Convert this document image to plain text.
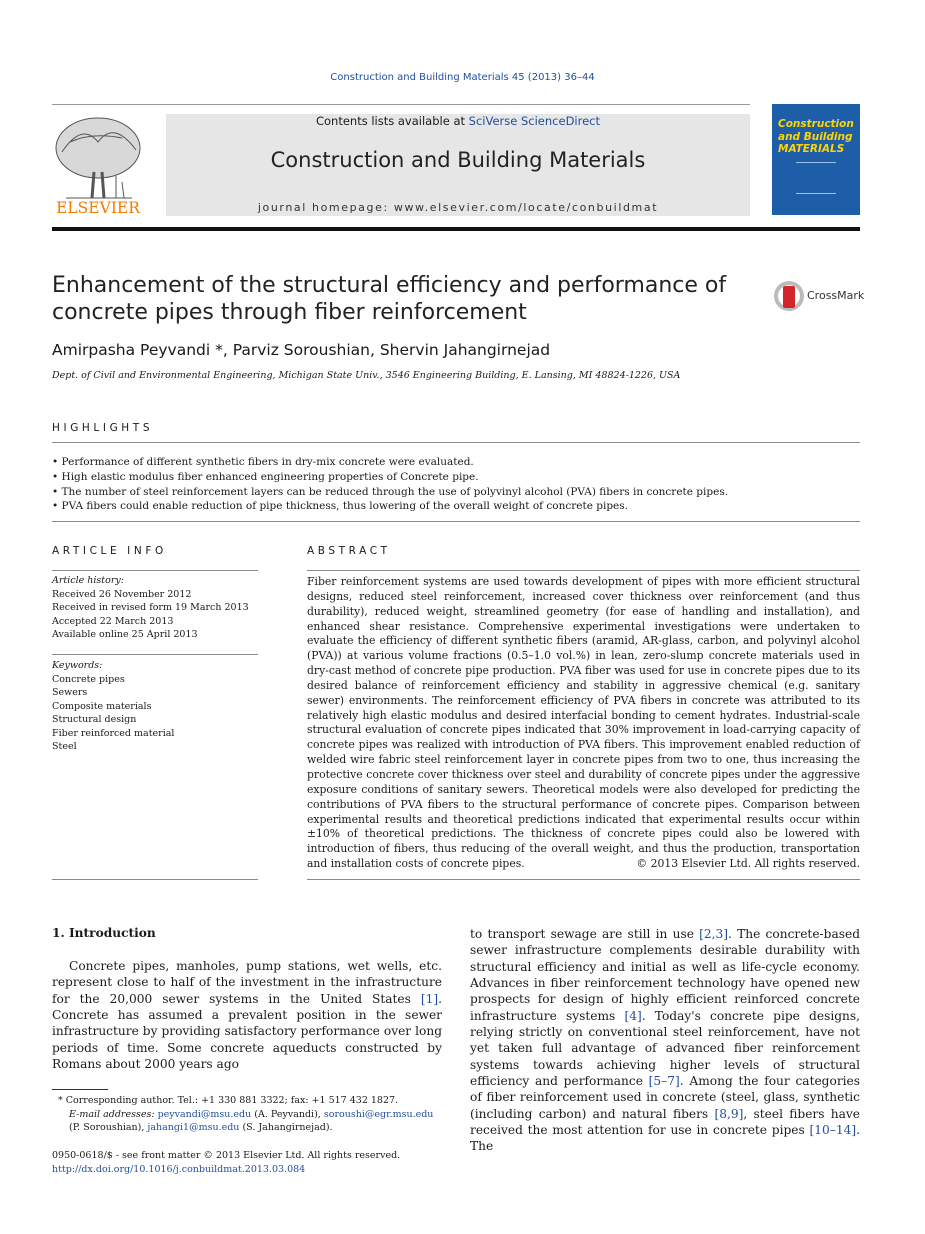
Construction and Building Materials 45 (2013) 36–44
ELSEVIER
Contents lists available at SciVerse ScienceDirect
Construction and Building Materials
journal homepage: www.elsevier.com/locate/conbuildmat
Construction and Building MATERIALS
Enhancement of the structural efficiency and performance of concrete pipes through fiber reinforcement
CrossMark
Amirpasha Peyvandi *, Parviz Soroushian, Shervin Jahangirnejad
Dept. of Civil and Environmental Engineering, Michigan State Univ., 3546 Engineering Building, E. Lansing, MI 48824-1226, USA
HIGHLIGHTS
• Performance of different synthetic fibers in dry-mix concrete were evaluated.
• High elastic modulus fiber enhanced engineering properties of Concrete pipe.
• The number of steel reinforcement layers can be reduced through the use of polyvinyl alcohol (PVA) fibers in concrete pipes.
• PVA fibers could enable reduction of pipe thickness, thus lowering of the overall weight of concrete pipes.
ARTICLE INFO
Article history:
Received 26 November 2012
Received in revised form 19 March 2013
Accepted 22 March 2013
Available online 25 April 2013
Keywords:
Concrete pipes
Sewers
Composite materials
Structural design
Fiber reinforced material
Steel
ABSTRACT
Fiber reinforcement systems are used towards development of pipes with more efficient structural designs, reduced steel reinforcement, increased cover thickness over reinforcement (and thus durability), reduced weight, streamlined geometry (for ease of handling and installation), and enhanced shear resistance. Comprehensive experimental investigations were undertaken to evaluate the efficiency of different synthetic fibers (aramid, AR-glass, carbon, and polyvinyl alcohol (PVA)) at various volume fractions (0.5–1.0 vol.%) in lean, zero-slump concrete materials used in dry-cast method of concrete pipe production. PVA fiber was used for use in concrete pipes due to its desired balance of reinforcement efficiency and stability in aggressive chemical (e.g. sanitary sewer) environments. The reinforcement efficiency of PVA fibers in concrete was attributed to its relatively high elastic modulus and desired interfacial bonding to cement hydrates. Industrial-scale structural evaluation of concrete pipes indicated that 30% improvement in load-carrying capacity of concrete pipes was realized with introduction of PVA fibers. This improvement enabled reduction of welded wire fabric steel reinforcement layer in concrete pipes from two to one, thus increasing the protective concrete cover thickness over steel and durability of concrete pipes under the aggressive exposure conditions of sanitary sewers. Theoretical models were also developed for predicting the contributions of PVA fibers to the structural performance of concrete pipes. Comparison between experimental results and theoretical predictions indicated that experimental results occur within ±10% of theoretical predictions. The thickness of concrete pipes could also be lowered with introduction of fibers, thus reducing of the overall weight, and thus the production, transportation and installation costs of concrete pipes.	© 2013 Elsevier Ltd. All rights reserved.
1. Introduction

Concrete pipes, manholes, pump stations, wet wells, etc. represent close to half of the investment in the infrastructure for the 20,000 sewer systems in the United States [1]. Concrete has assumed a prevalent position in the sewer infrastructure by providing satisfactory performance over long periods of time. Some concrete aqueducts constructed by Romans about 2000 years ago

to transport sewage are still in use [2,3]. The concrete-based sewer infrastructure complements desirable durability with structural efficiency and initial as well as life-cycle economy. Advances in fiber reinforcement technology have opened new prospects for design of highly efficient reinforced concrete infrastructure systems [4]. Today's concrete pipe designs, relying strictly on conventional steel reinforcement, have not yet taken full advantage of advanced fiber reinforcement systems towards achieving higher levels of structural efficiency and performance [5–7]. Among the four categories of fiber reinforcement used in concrete (steel, glass, synthetic (including carbon) and natural fibers [8,9], steel fibers have received the most attention for use in concrete pipes [10–14]. The

* Corresponding author. Tel.: +1 330 881 3322; fax: +1 517 432 1827.
E-mail addresses: peyvandi@msu.edu (A. Peyvandi), soroushi@egr.msu.edu (P. Soroushian), jahangi1@msu.edu (S. Jahangirnejad).
0950-0618/$ - see front matter © 2013 Elsevier Ltd. All rights reserved.
http://dx.doi.org/10.1016/j.conbuildmat.2013.03.084
